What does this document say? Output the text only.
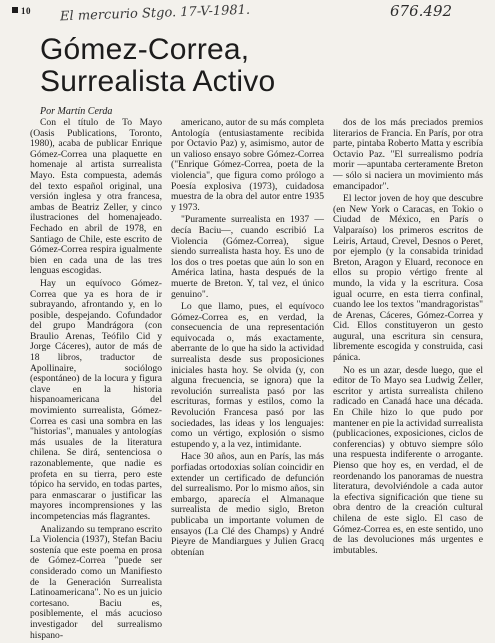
10 El mercurio Stgo. 17-V-1981.	676.492
Gómez-Correa,
Surrealista Activo
Por Martín Cerda

Con el título de To Mayo (Oasis Publications, Toronto, 1980), acaba de publicar Enrique Gómez-Correa una plaquette en homenaje al artista surrealista Mayo. Esta compuesta, además del texto español original, una versión inglesa y otra francesa, ambas de Beatriz Zeller, y cinco ilustraciones del homenajeado. Fechado en abril de 1978, en Santiago de Chile, este escrito de Gómez-Correa respira igualmente bien en cada una de las tres lenguas escogidas.

Hay un equívoco Gómez-Correa que ya es hora de ir subrayando, afrontando y, en lo posible, despejando. Cofundador del grupo Mandrágora (con Braulio Arenas, Teófilo Cid y Jorge Cáceres), autor de más de 18 libros, traductor de Apollinaire, sociólogo (espontáneo) de la locura y figura clave en la historia hispanoamericana del movimiento surrealista, Gómez-Correa es casi una sombra en las "historias", manuales y antologías más usuales de la literatura chilena. Se dirá, sentenciosa o razonablemente, que nadie es profeta en su tierra, pero este tópico ha servido, en todas partes, para enmascarar o justificar las mayores incomprensiones y las incompetencias más flagrantes.

Analizando su temprano escrito La Violencia (1937), Stefan Baciu sostenía que este poema en prosa de Gómez-Correa "puede ser considerado como un Manifiesto de la Generación Surrealista Latinoamericana". No es un juicio cortesano. Baciu es, posiblemente, el más acucioso investigador del surrealismo hispano-

americano, autor de su más completa Antología (entusiastamente recibida por Octavio Paz) y, asimismo, autor de un valioso ensayo sobre Gómez-Correa ("Enrique Gómez-Correa, poeta de la violencia", que figura como prólogo a Poesía explosiva (1973), cuidadosa muestra de la obra del autor entre 1935 y 1973.

"Puramente surrealista en 1937 —decía Baciu—, cuando escribió La Violencia (Gómez-Correa), sigue siendo surrealista hasta hoy. Es uno de los dos o tres poetas que aún lo son en América latina, hasta después de la muerte de Breton. Y, tal vez, el único genuino".

Lo que llamo, pues, el equívoco Gómez-Correa es, en verdad, la consecuencia de una representación equivocada o, más exactamente, aberrante de lo que ha sido la actividad surrealista desde sus proposiciones iniciales hasta hoy. Se olvida (y, con alguna frecuencia, se ignora) que la revolución surrealista pasó por las escrituras, formas y estilos, como la Revolución Francesa pasó por las sociedades, las ideas y los lenguajes: como un vértigo, explosión o sismo estupendo y, a la vez, intimidante.

Hace 30 años, aun en París, las más porfiadas ortodoxias solían coincidir en extender un certificado de defunción del surrealismo. Por lo mismo años, sin embargo, aparecía el Almanaque surrealista de medio siglo, Breton publicaba un importante volumen de ensayos (La Clé des Champs) y André Pieyre de Mandiargues y Julien Gracq obtenían

dos de los más preciados premios literarios de Francia. En París, por otra parte, pintaba Roberto Matta y escribía Octavio Paz. "El surrealismo podría morir —apuntaba certeramente Breton— sólo si naciera un movimiento más emancipador".

El lector joven de hoy que descubre (en New York o Caracas, en Tokio o Ciudad de México, en París o Valparaíso) los primeros escritos de Leiris, Artaud, Crevel, Desnos o Peret, por ejemplo (y la consabida trinidad Breton, Aragon y Eluard, reconoce en ellos su propio vértigo frente al mundo, la vida y la escritura. Cosa igual ocurre, en esta tierra confinal, cuando lee los textos "mandragoristas" de Arenas, Cáceres, Gómez-Correa y Cid. Ellos constituyeron un gesto augural, una escritura sin censura, libremente escogida y construida, casi pánica.

No es un azar, desde luego, que el editor de To Mayo sea Ludwig Zeller, escritor y artista surrealista chileno radicado en Canadá hace una década. En Chile hizo lo que pudo por mantener en pie la actividad surrealista (publicaciones, exposiciones, ciclos de conferencias) y obtuvo siempre sólo una respuesta indiferente o arrogante. Pienso que hoy es, en verdad, el de reordenando los panoramas de nuestra literatura, devolviéndole a cada autor la efectiva significación que tiene su obra dentro de la creación cultural chilena de este siglo. El caso de Gómez-Correa es, en este sentido, uno de las devoluciones más urgentes e imbutables.
